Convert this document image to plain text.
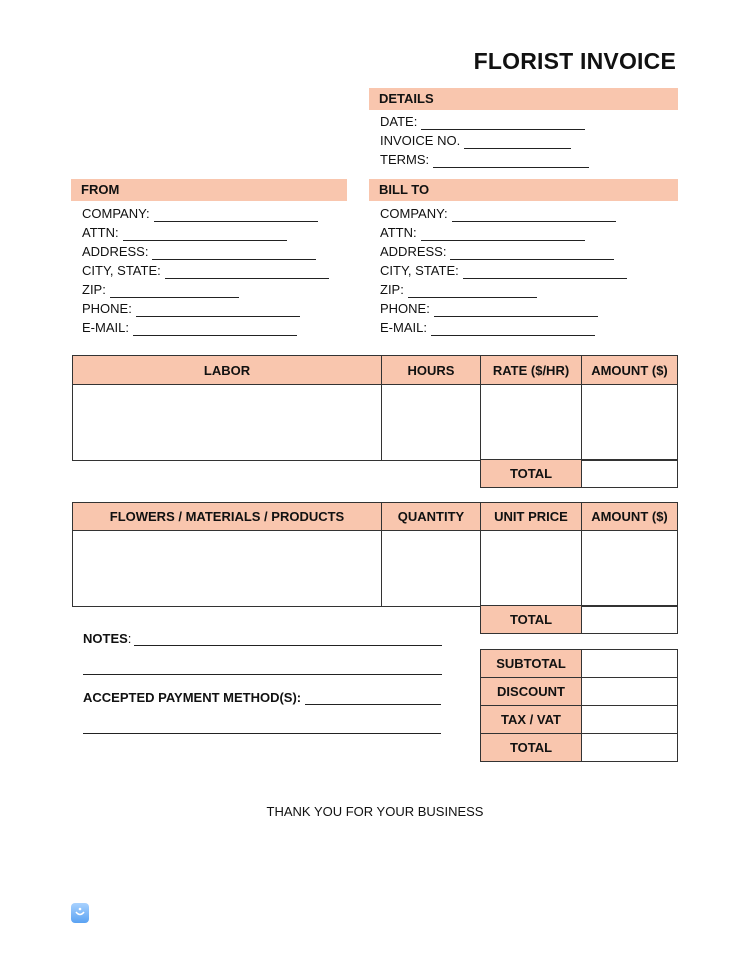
FLORIST INVOICE
DETAILS
DATE:
INVOICE NO.
TERMS:
FROM
COMPANY:
ATTN:
ADDRESS:
CITY, STATE:
ZIP:
PHONE:
E-MAIL:
BILL TO
COMPANY:
ATTN:
ADDRESS:
CITY, STATE:
ZIP:
PHONE:
E-MAIL:
LABOR	HOURS	RATE ($/HR)	AMOUNT ($)

TOTAL	
FLOWERS / MATERIALS / PRODUCTS	QUANTITY	UNIT PRICE	AMOUNT ($)

TOTAL	
NOTES:
ACCEPTED PAYMENT METHOD(S):
SUBTOTAL	
DISCOUNT	
TAX / VAT	
TOTAL	
THANK YOU FOR YOUR BUSINESS
